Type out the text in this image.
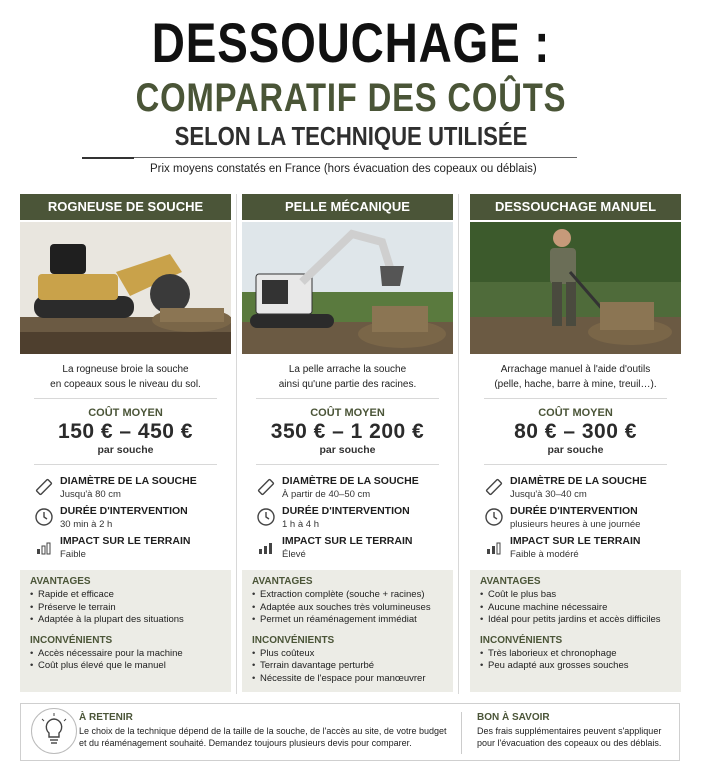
DESSOUCHAGE :
COMPARATIF DES COÛTS
SELON LA TECHNIQUE UTILISÉE
Prix moyens constatés en France (hors évacuation des copeaux ou déblais)
ROGNEUSE DE SOUCHE
La rogneuse broie la souche
en copeaux sous le niveau du sol.
COÛT MOYEN
150 € – 450 €
par souche
DIAMÈTRE DE LA SOUCHE
Jusqu'à 80 cm
DURÉE D'INTERVENTION
30 min à 2 h
IMPACT SUR LE TERRAIN
Faible
AVANTAGES
• Rapide et efficace
• Préserve le terrain
• Adaptée à la plupart des situations
INCONVÉNIENTS
• Accès nécessaire pour la machine
• Coût plus élevé que le manuel
PELLE MÉCANIQUE
La pelle arrache la souche
ainsi qu'une partie des racines.
COÛT MOYEN
350 € – 1 200 €
par souche
DIAMÈTRE DE LA SOUCHE
À partir de 40–50 cm
DURÉE D'INTERVENTION
1 h à 4 h
IMPACT SUR LE TERRAIN
Élevé
AVANTAGES
• Extraction complète (souche + racines)
• Adaptée aux souches très volumineuses
• Permet un réaménagement immédiat
INCONVÉNIENTS
• Plus coûteux
• Terrain davantage perturbé
• Nécessite de l'espace pour manœuvrer
DESSOUCHAGE MANUEL
Arrachage manuel à l'aide d'outils
(pelle, hache, barre à mine, treuil…).
COÛT MOYEN
80 € – 300 €
par souche
DIAMÈTRE DE LA SOUCHE
Jusqu'à 30–40 cm
DURÉE D'INTERVENTION
plusieurs heures à une journée
IMPACT SUR LE TERRAIN
Faible à modéré
AVANTAGES
• Coût le plus bas
• Aucune machine nécessaire
• Idéal pour petits jardins et accès difficiles
INCONVÉNIENTS
• Très laborieux et chronophage
• Peu adapté aux grosses souches
À RETENIR
Le choix de la technique dépend de la taille de la souche, de l'accès au site, de votre budget et du réaménagement souhaité. Demandez toujours plusieurs devis pour comparer.
BON À SAVOIR
Des frais supplémentaires peuvent s'appliquer pour l'évacuation des copeaux ou des déblais.
